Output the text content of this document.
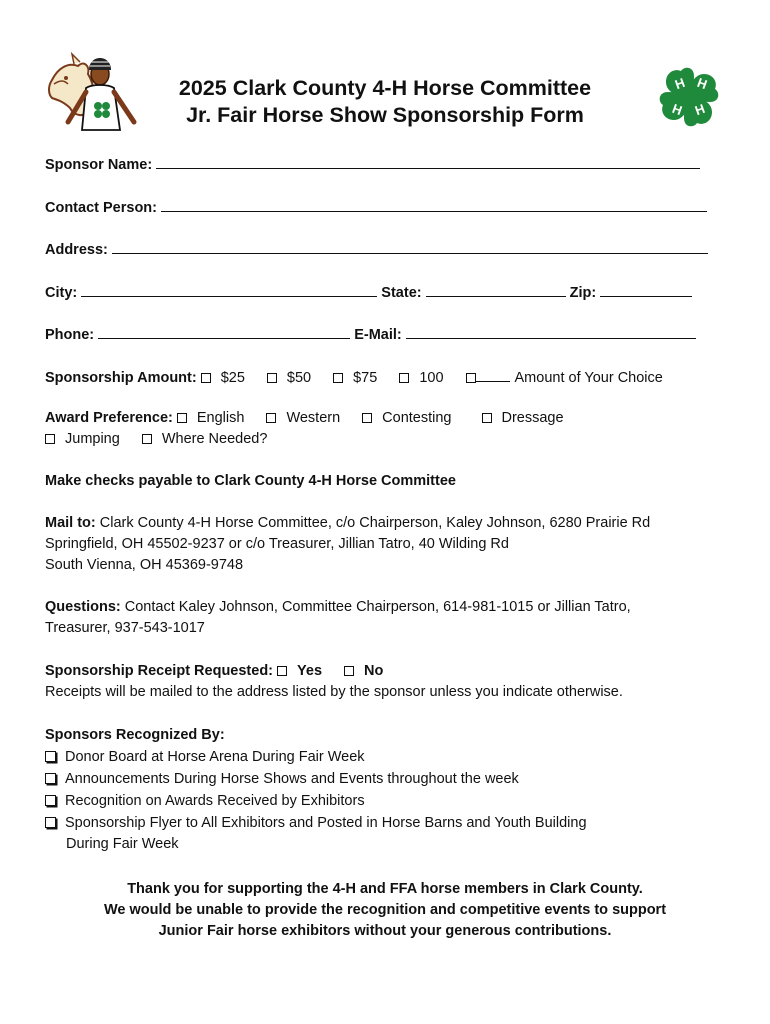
H H
H
H
2025 Clark County 4-H Horse Committee
Jr. Fair Horse Show Sponsorship Form
Sponsor Name:
Contact Person:
Address:
City:	State:	Zip:
Phone:	E-Mail:
Sponsorship Amount: $25	$50	$75	100	Amount of Your Choice
Award Preference: English	Western	Contesting	Dressage
Jumping	Where Needed?
Make checks payable to Clark County 4-H Horse Committee
Mail to: Clark County 4-H Horse Committee, c/o Chairperson, Kaley Johnson, 6280 Prairie Rd
Springfield, OH 45502-9237 or c/o Treasurer, Jillian Tatro, 40 Wilding Rd
South Vienna, OH 45369-9748
Questions: Contact Kaley Johnson, Committee Chairperson, 614-981-1015 or Jillian Tatro,
Treasurer, 937-543-1017
Sponsorship Receipt Requested: Yes	No
Receipts will be mailed to the address listed by the sponsor unless you indicate otherwise.
Sponsors Recognized By:
Donor Board at Horse Arena During Fair Week
Announcements During Horse Shows and Events throughout the week
Recognition on Awards Received by Exhibitors
Sponsorship Flyer to All Exhibitors and Posted in Horse Barns and Youth Building
During Fair Week
Thank you for supporting the 4-H and FFA horse members in Clark County.
We would be unable to provide the recognition and competitive events to support
Junior Fair horse exhibitors without your generous contributions.
